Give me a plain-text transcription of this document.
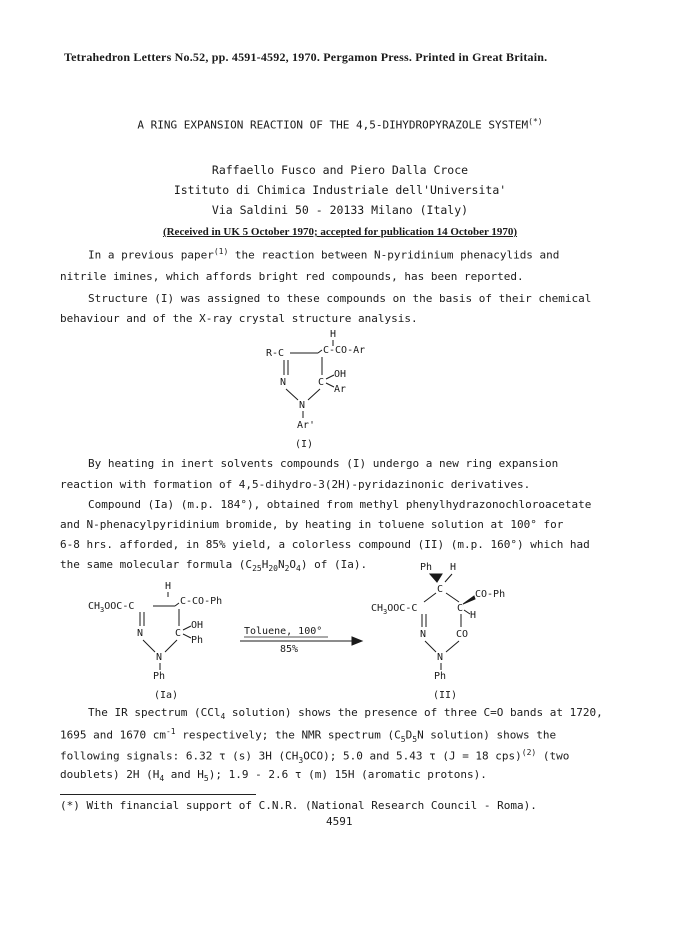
Tetrahedron Letters No.52, pp. 4591-4592, 1970. Pergamon Press. Printed in Great Britain.
A RING EXPANSION REACTION OF THE 4,5-DIHYDROPYRAZOLE SYSTEM(*)
Raffaello Fusco and Piero Dalla Croce
Istituto di Chimica Industriale dell'Universita'
Via Saldini 50 - 20133 Milano (Italy)
(Received in UK 5 October 1970; accepted for publication 14 October 1970)
In a previous paper$^{(1)}$ the reaction between N-pyridinium phenacylids and
nitrile imines, which affords bright red compounds, has been reported.
Structure (I) was assigned to these compounds on the basis of their chemical
behaviour and of the X-ray crystal structure analysis.
H
R-C	C-CO-Ar
N	C
OH
Ar
N
Ar'
(I)
By heating in inert solvents compounds (I) undergo a new ring expansion
reaction with formation of 4,5-dihydro-3(2H)-pyridazinonic derivatives.
Compound (Ia) (m.p. 184°), obtained from methyl phenylhydrazonochloroacetate
and N-phenacylpyridinium bromide, by heating in toluene solution at 100° for
6-8 hrs. afforded, in 85% yield, a colorless compound (II) (m.p. 160°) which had
the same molecular formula $(C_{25}H_{20}N_2O_4)$ of (Ia).
H
$CH_3OOC-C$	C-CO-Ph
N	C
OH
Ph
N
Ph
(Ia)
Toluene, 100°
85%
Ph H
C
$CH_3OOC-C$	C
CO-Ph
H
N	CO
N
Ph
(II)
The IR spectrum (CCl$_4$ solution) shows the presence of three C=O bands at 1720,
1695 and 1670 $cm^{-1}$ respectively; the NMR spectrum ($C_5D_5N$ solution) shows the
following signals: 6.32 τ (s) 3H $(CH_3OCO)$; 5.0 and 5.43 τ (J = 18 cps)$^{(2)}$ (two
doublets) 2H ($H_4$ and $H_5$); 1.9 - 2.6 τ (m) 15H (aromatic protons).
(*) With financial support of C.N.R. (National Research Council - Roma).
4591
